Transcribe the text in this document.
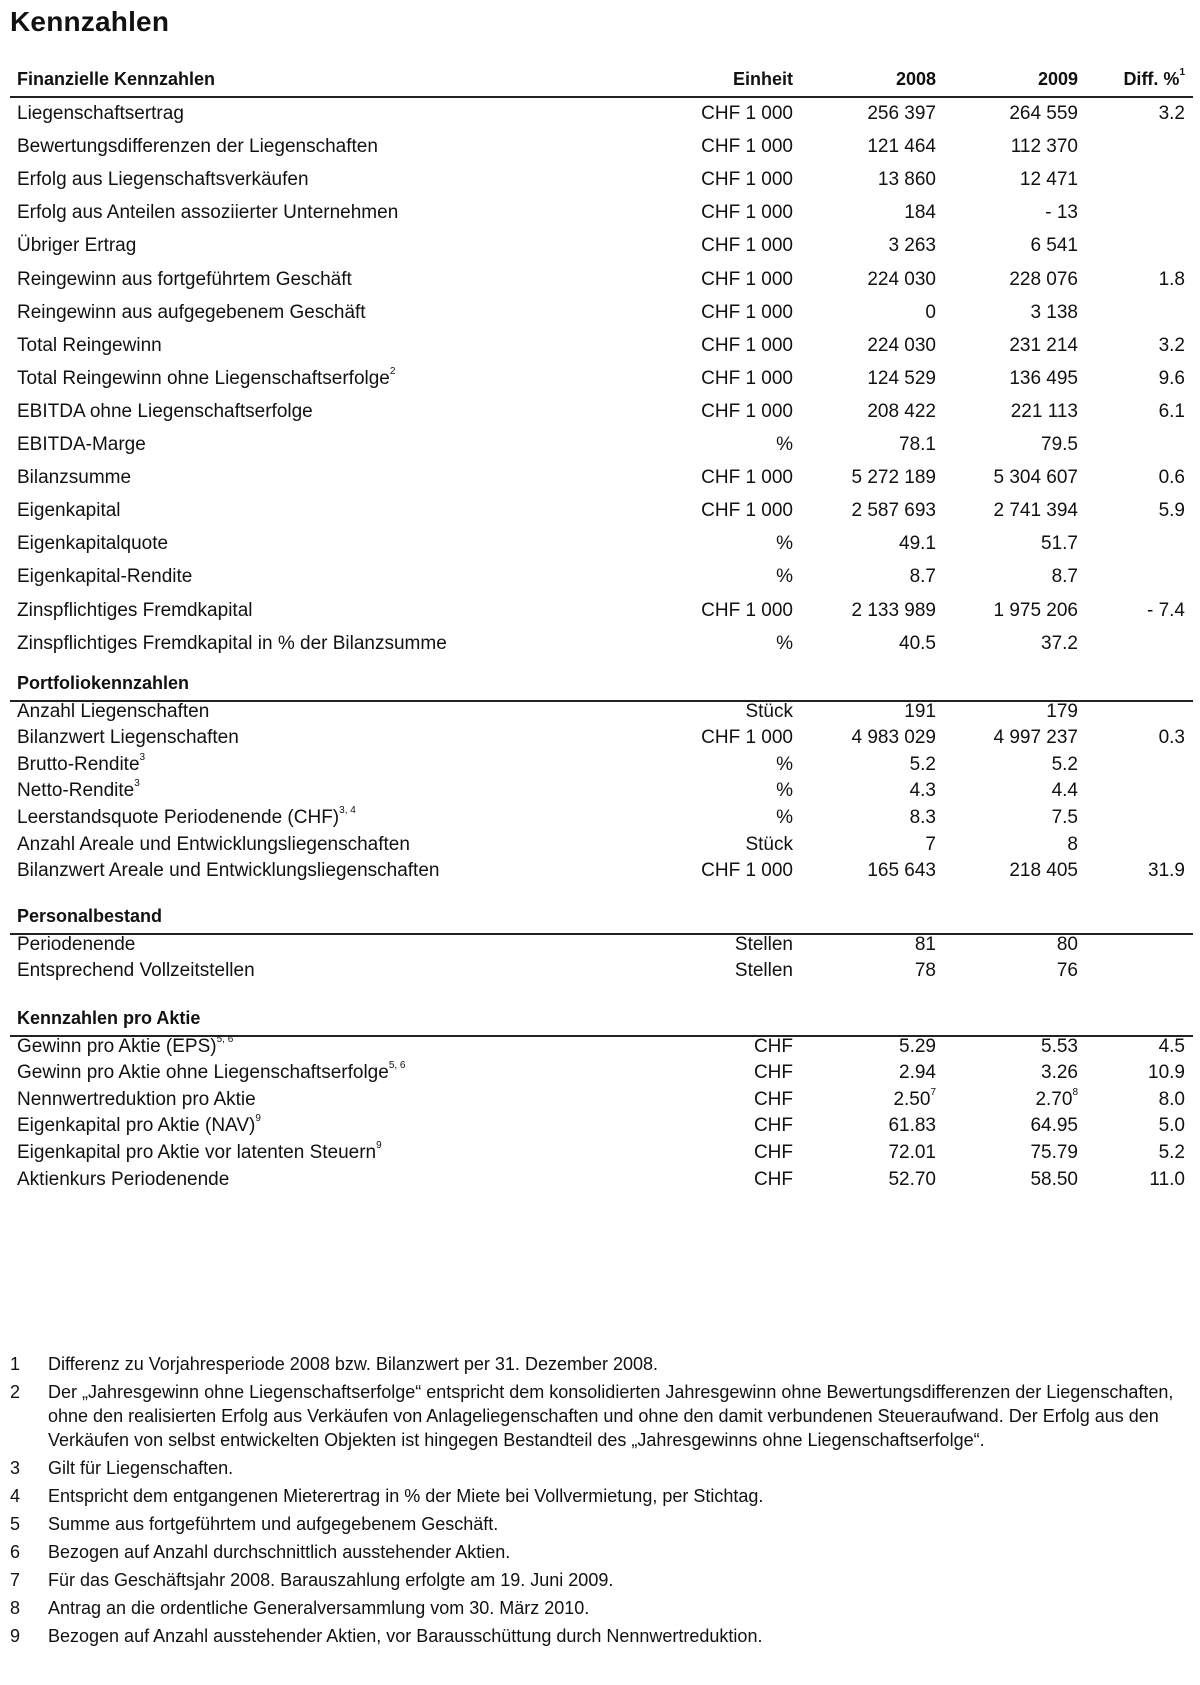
Kennzahlen
Finanzielle Kennzahlen	Einheit	2008	2009	Diff. %$^1$
Liegenschaftsertrag	CHF 1 000	256 397	264 559	3.2
Bewertungsdifferenzen der Liegenschaften	CHF 1 000	121 464	112 370
Erfolg aus Liegenschaftsverkäufen	CHF 1 000	13 860	12 471
Erfolg aus Anteilen assoziierter Unternehmen	CHF 1 000	184	- 13
Übriger Ertrag	CHF 1 000	3 263	6 541
Reingewinn aus fortgeführtem Geschäft	CHF 1 000	224 030	228 076	1.8
Reingewinn aus aufgegebenem Geschäft	CHF 1 000	0	3 138
Total Reingewinn	CHF 1 000	224 030	231 214	3.2
Total Reingewinn ohne Liegenschaftserfolge$^2$	CHF 1 000	124 529	136 495	9.6
EBITDA ohne Liegenschaftserfolge	CHF 1 000	208 422	221 113	6.1
EBITDA-Marge	%	78.1	79.5
Bilanzsumme	CHF 1 000	5 272 189	5 304 607	0.6
Eigenkapital	CHF 1 000	2 587 693	2 741 394	5.9
Eigenkapitalquote	%	49.1	51.7
Eigenkapital-Rendite	%	8.7	8.7
Zinspflichtiges Fremdkapital	CHF 1 000	2 133 989	1 975 206	- 7.4
Zinspflichtiges Fremdkapital in % der Bilanzsumme	%	40.5	37.2
Portfoliokennzahlen
Anzahl Liegenschaften	Stück	191	179
Bilanzwert Liegenschaften	CHF 1 000	4 983 029	4 997 237	0.3
Brutto-Rendite$^3$	%	5.2	5.2
Netto-Rendite$^3$	%	4.3	4.4
Leerstandsquote Periodenende (CHF)$^{3, 4}$	%	8.3	7.5
Anzahl Areale und Entwicklungsliegenschaften	Stück	7	8
Bilanzwert Areale und Entwicklungsliegenschaften	CHF 1 000	165 643	218 405	31.9
Personalbestand
Periodenende	Stellen	81	80
Entsprechend Vollzeitstellen	Stellen	78	76
Kennzahlen pro Aktie
Gewinn pro Aktie (EPS)$^{5, 6}$	CHF	5.29	5.53	4.5
Gewinn pro Aktie ohne Liegenschaftserfolge$^{5, 6}$	CHF	2.94	3.26	10.9
Nennwertreduktion pro Aktie	CHF	2.50$^7$	2.70$^8$	8.0
Eigenkapital pro Aktie (NAV)$^9$	CHF	61.83	64.95	5.0
Eigenkapital pro Aktie vor latenten Steuern$^9$	CHF	72.01	75.79	5.2
Aktienkurs Periodenende	CHF	52.70	58.50	11.0
1	Differenz zu Vorjahresperiode 2008 bzw. Bilanzwert per 31. Dezember 2008.
2	Der „Jahresgewinn ohne Liegenschaftserfolge“ entspricht dem konsolidierten Jahresgewinn ohne Bewertungsdifferenzen der Liegenschaften, ohne den realisierten Erfolg aus Verkäufen von Anlageliegenschaften und ohne den damit verbundenen Steueraufwand. Der Erfolg aus den Verkäufen von selbst entwickelten Objekten ist hingegen Bestandteil des „Jahresgewinns ohne Liegenschaftserfolge“.
3	Gilt für Liegenschaften.
4	Entspricht dem entgangenen Mieterertrag in % der Miete bei Vollvermietung, per Stichtag.
5	Summe aus fortgeführtem und aufgegebenem Geschäft.
6	Bezogen auf Anzahl durchschnittlich ausstehender Aktien.
7	Für das Geschäftsjahr 2008. Barauszahlung erfolgte am 19. Juni 2009.
8	Antrag an die ordentliche Generalversammlung vom 30. März 2010.
9	Bezogen auf Anzahl ausstehender Aktien, vor Barausschüttung durch Nennwertreduktion.
